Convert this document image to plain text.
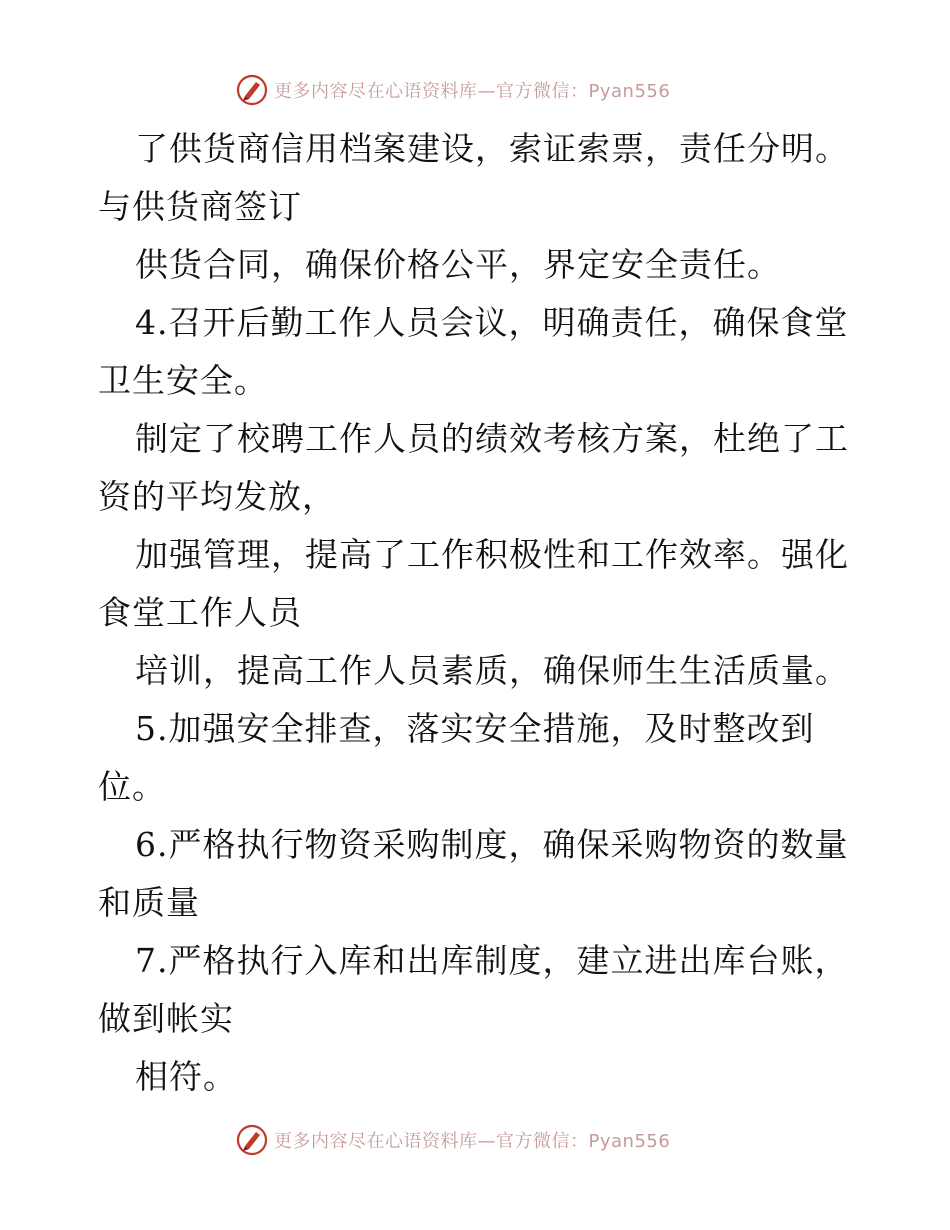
更多内容尽在心语资料库—官方微信：Pyan556
了供货商信用档案建设，索证索票，责任分明。
与供货商签订
供货合同，确保价格公平，界定安全责任。
4.召开后勤工作人员会议，明确责任，确保食堂
卫生安全。
制定了校聘工作人员的绩效考核方案，杜绝了工
资的平均发放，
加强管理，提高了工作积极性和工作效率。强化
食堂工作人员
培训，提高工作人员素质，确保师生生活质量。
5.加强安全排查，落实安全措施，及时整改到
位。
6.严格执行物资采购制度，确保采购物资的数量
和质量
7.严格执行入库和出库制度，建立进出库台账，
做到帐实
相符。
更多内容尽在心语资料库—官方微信：Pyan556
